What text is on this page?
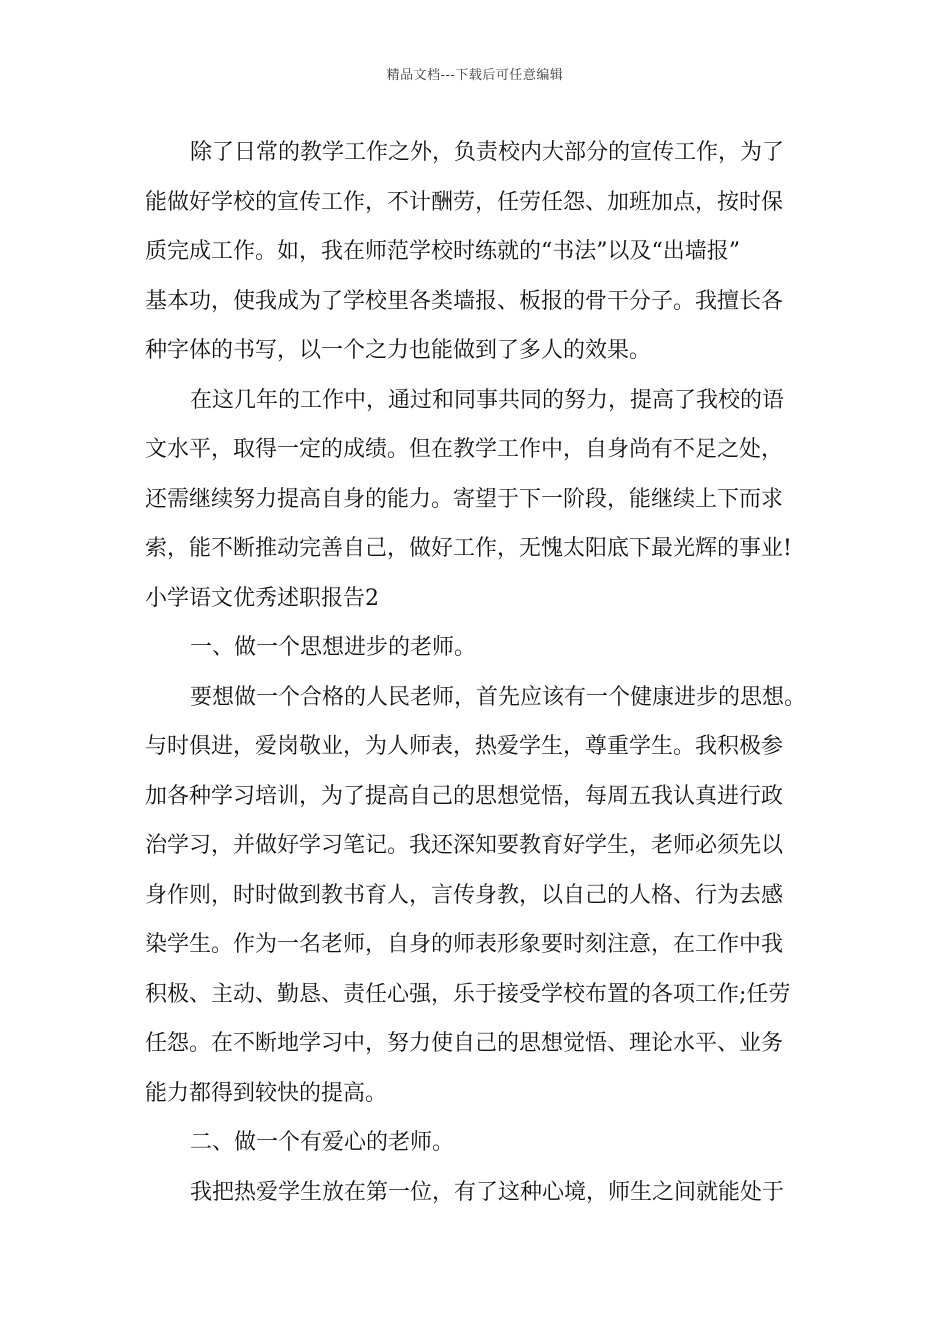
精品文档---下载后可任意编辑
除了日常的教学工作之外，负责校内大部分的宣传工作，为了
能做好学校的宣传工作，不计酬劳，任劳任怨、加班加点，按时保
质完成工作。如，我在师范学校时练就的“书法”以及“出墙报”
基本功，使我成为了学校里各类墙报、板报的骨干分子。我擅长各
种字体的书写，以一个之力也能做到了多人的效果。
在这几年的工作中，通过和同事共同的努力，提高了我校的语
文水平，取得一定的成绩。但在教学工作中，自身尚有不足之处，
还需继续努力提高自身的能力。寄望于下一阶段，能继续上下而求
索，能不断推动完善自己，做好工作，无愧太阳底下最光辉的事业!
小学语文优秀述职报告2
一、做一个思想进步的老师。
要想做一个合格的人民老师，首先应该有一个健康进步的思想。
与时俱进，爱岗敬业，为人师表，热爱学生，尊重学生。我积极参
加各种学习培训，为了提高自己的思想觉悟，每周五我认真进行政
治学习，并做好学习笔记。我还深知要教育好学生，老师必须先以
身作则，时时做到教书育人，言传身教，以自己的人格、行为去感
染学生。作为一名老师，自身的师表形象要时刻注意，在工作中我
积极、主动、勤恳、责任心强，乐于接受学校布置的各项工作;任劳
任怨。在不断地学习中，努力使自己的思想觉悟、理论水平、业务
能力都得到较快的提高。
二、做一个有爱心的老师。
我把热爱学生放在第一位，有了这种心境，师生之间就能处于
